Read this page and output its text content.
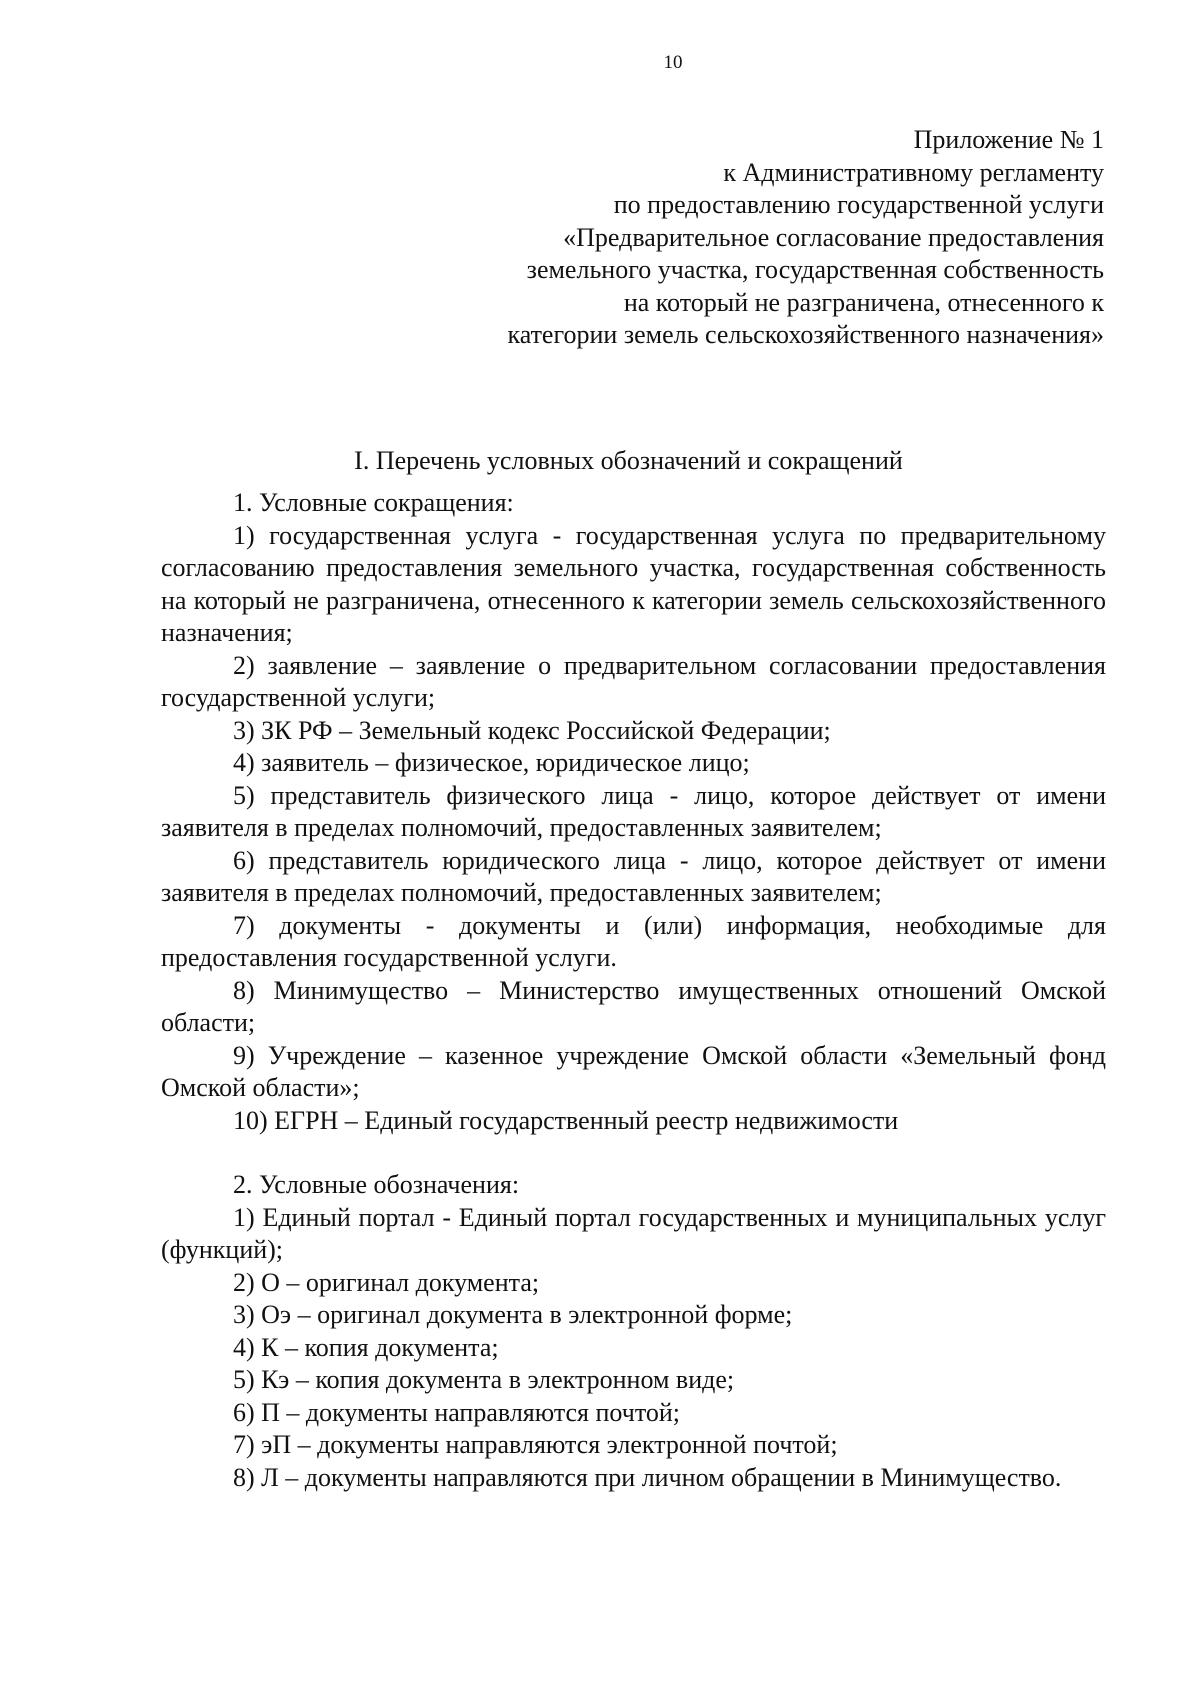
10
Приложение № 1
к Административному регламенту
по предоставлению государственной услуги
«Предварительное согласование предоставления
земельного участка, государственная собственность
на который не разграничена, отнесенного к
категории земель сельскохозяйственного назначения»
I. Перечень условных обозначений и сокращений

1. Условные сокращения:

1) государственная услуга - государственная услуга по предварительному согласованию предоставления земельного участка, государственная собственность на который не разграничена, отнесенного к категории земель сельскохозяйственного назначения;

2) заявление – заявление о предварительном согласовании предоставления государственной услуги;

3) ЗК РФ – Земельный кодекс Российской Федерации;

4) заявитель – физическое, юридическое лицо;

5) представитель физического лица - лицо, которое действует от имени заявителя в пределах полномочий, предоставленных заявителем;

6) представитель юридического лица - лицо, которое действует от имени заявителя в пределах полномочий, предоставленных заявителем;

7) документы - документы и (или) информация, необходимые для предоставления государственной услуги.

8) Минимущество – Министерство имущественных отношений Омской области;

9) Учреждение – казенное учреждение Омской области «Земельный фонд Омской области»;

10) ЕГРН – Единый государственный реестр недвижимости

2. Условные обозначения:

1) Единый портал - Единый портал государственных и муниципальных услуг (функций);

2) О – оригинал документа;

3) Оэ – оригинал документа в электронной форме;

4) К – копия документа;

5) Кэ – копия документа в электронном виде;

6) П – документы направляются почтой;

7) эП – документы направляются электронной почтой;

8) Л – документы направляются при личном обращении в Минимущество.
